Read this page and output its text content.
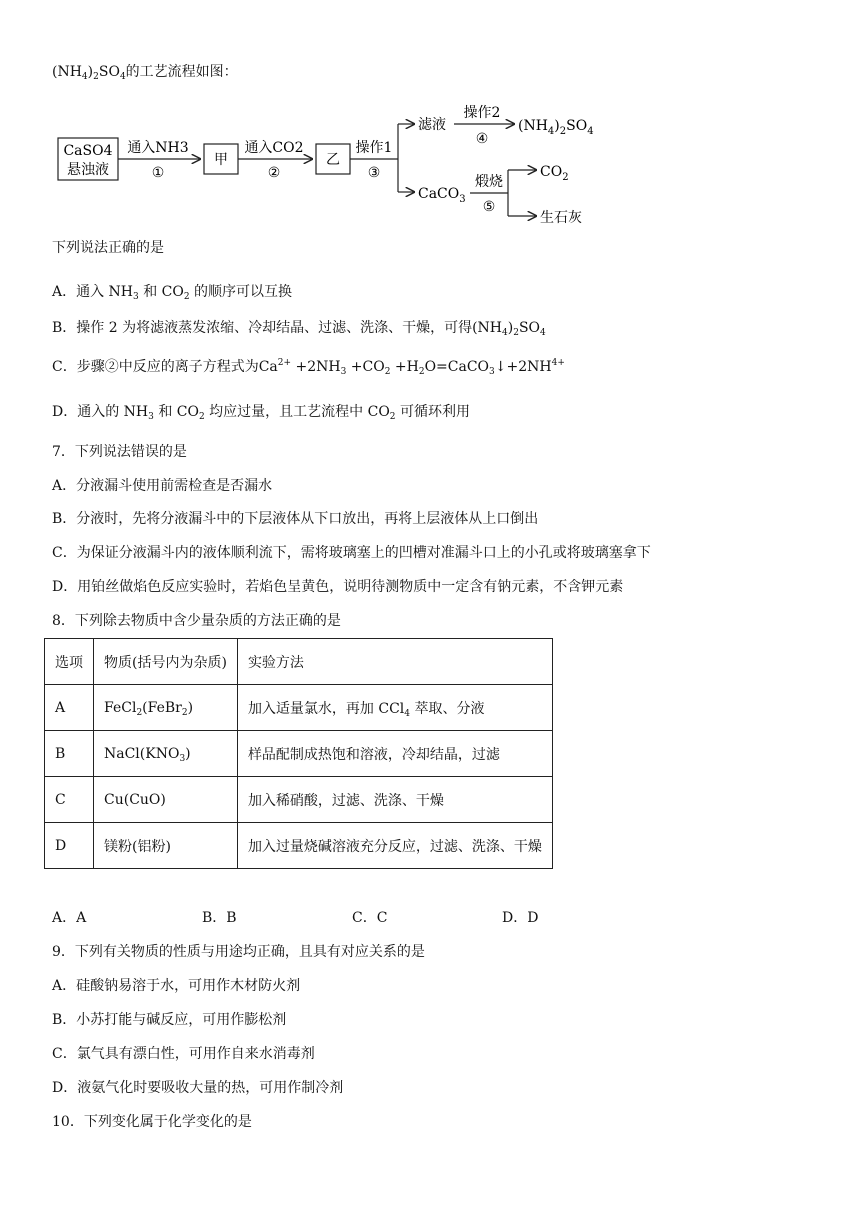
$(NH_4)_2SO_4$的工艺流程如图：
CaSO4
悬浊液
通入NH3
①
甲
通入CO2
②
乙
操作1
③
滤液
操作2
④
$(NH_4)_2SO_4$
CaCO$_3$
煅烧
⑤
$CO_2$
生石灰
下列说法正确的是
A．通入 $NH_3$ 和 $CO_2$ 的顺序可以互换
B．操作 2 为将滤液蒸发浓缩、冷却结晶、过滤、洗涤、干燥，可得$(NH_4)_2SO_4$
C．步骤②中反应的离子方程式为$Ca^{2+} +2NH_3 +CO_2$ $+H_2O=CaCO_3↓+2NH^{4+}$
D．通入的 $NH_3$ 和 $CO_2$ 均应过量，且工艺流程中 $CO_2$ 可循环利用
7．下列说法错误的是
A．分液漏斗使用前需检查是否漏水
B．分液时，先将分液漏斗中的下层液体从下口放出，再将上层液体从上口倒出
C．为保证分液漏斗内的液体顺利流下，需将玻璃塞上的凹槽对准漏斗口上的小孔或将玻璃塞拿下
D．用铂丝做焰色反应实验时，若焰色呈黄色，说明待测物质中一定含有钠元素，不含钾元素
8．下列除去物质中含少量杂质的方法正确的是
选项	物质(括号内为杂质)	实验方法
A	FeCl$_2$(FeBr$_2$)	加入适量氯水，再加 CCl$_4$ 萃取、分液
B	$NaCl(KNO_3)$	样品配制成热饱和溶液，冷却结晶，过滤
C	Cu(CuO)	加入稀硝酸，过滤、洗涤、干燥
D	镁粉(铝粉)	加入过量烧碱溶液充分反应，过滤、洗涤、干燥
A．A	B．B	C．C	D．D
9．下列有关物质的性质与用途均正确，且具有对应关系的是
A．硅酸钠易溶于水，可用作木材防火剂
B．小苏打能与碱反应，可用作膨松剂
C．氯气具有漂白性，可用作自来水消毒剂
D．液氨气化时要吸收大量的热，可用作制冷剂
10．下列变化属于化学变化的是
